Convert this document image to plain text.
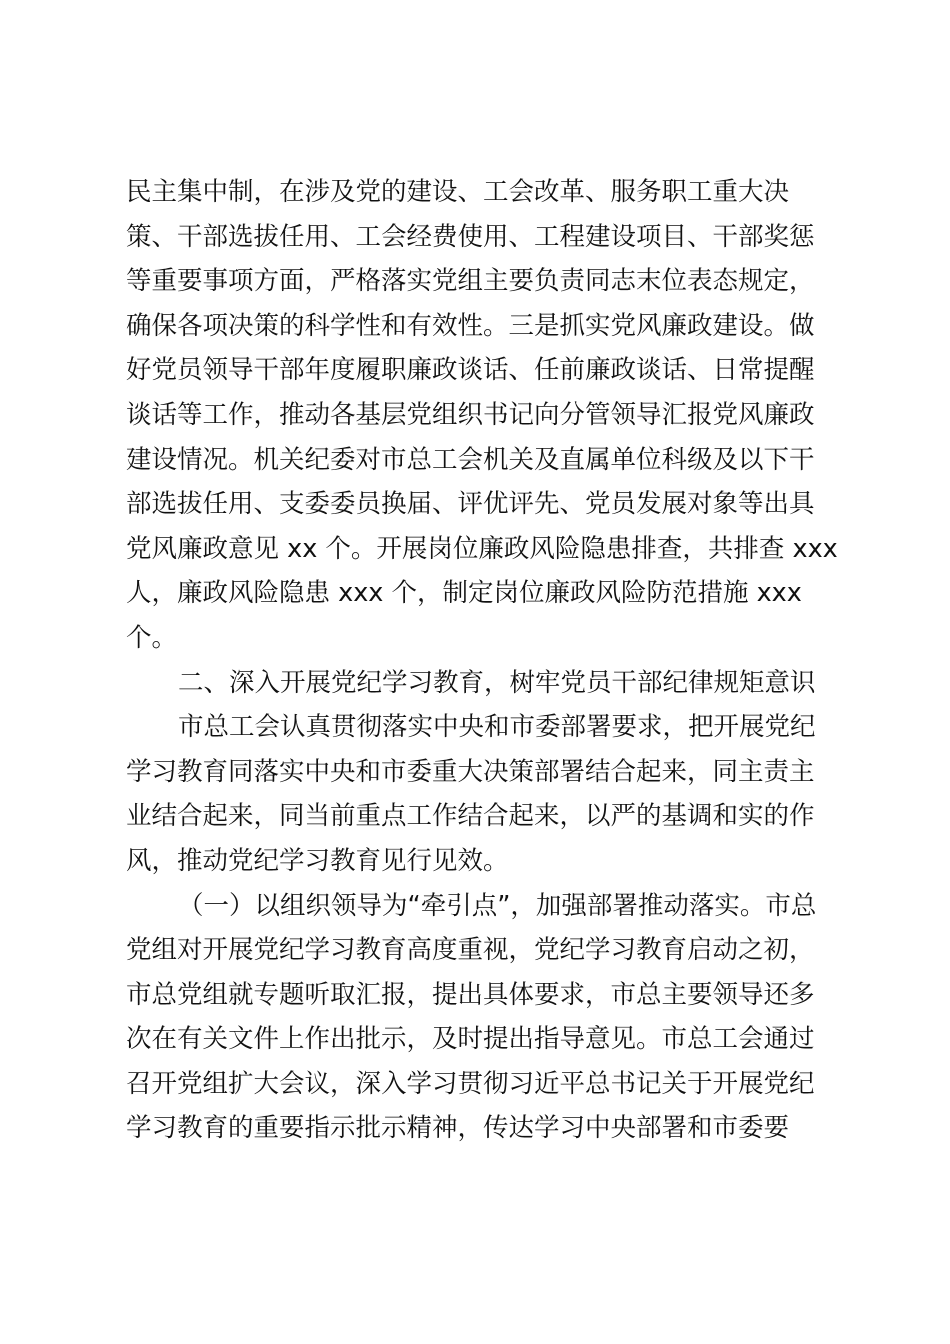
民主集中制，在涉及党的建设、工会改革、服务职工重大决
策、干部选拔任用、工会经费使用、工程建设项目、干部奖惩
等重要事项方面，严格落实党组主要负责同志末位表态规定，
确保各项决策的科学性和有效性。三是抓实党风廉政建设。做
好党员领导干部年度履职廉政谈话、任前廉政谈话、日常提醒
谈话等工作，推动各基层党组织书记向分管领导汇报党风廉政
建设情况。机关纪委对市总工会机关及直属单位科级及以下干
部选拔任用、支委委员换届、评优评先、党员发展对象等出具
党风廉政意见 xx 个。开展岗位廉政风险隐患排查，共排查 xxx
人，廉政风险隐患 xxx 个，制定岗位廉政风险防范措施 xxx
个。
二、深入开展党纪学习教育，树牢党员干部纪律规矩意识
市总工会认真贯彻落实中央和市委部署要求，把开展党纪
学习教育同落实中央和市委重大决策部署结合起来，同主责主
业结合起来，同当前重点工作结合起来，以严的基调和实的作
风，推动党纪学习教育见行见效。
（一）以组织领导为“牵引点”，加强部署推动落实。市总
党组对开展党纪学习教育高度重视，党纪学习教育启动之初，
市总党组就专题听取汇报，提出具体要求，市总主要领导还多
次在有关文件上作出批示，及时提出指导意见。市总工会通过
召开党组扩大会议，深入学习贯彻习近平总书记关于开展党纪
学习教育的重要指示批示精神，传达学习中央部署和市委要
